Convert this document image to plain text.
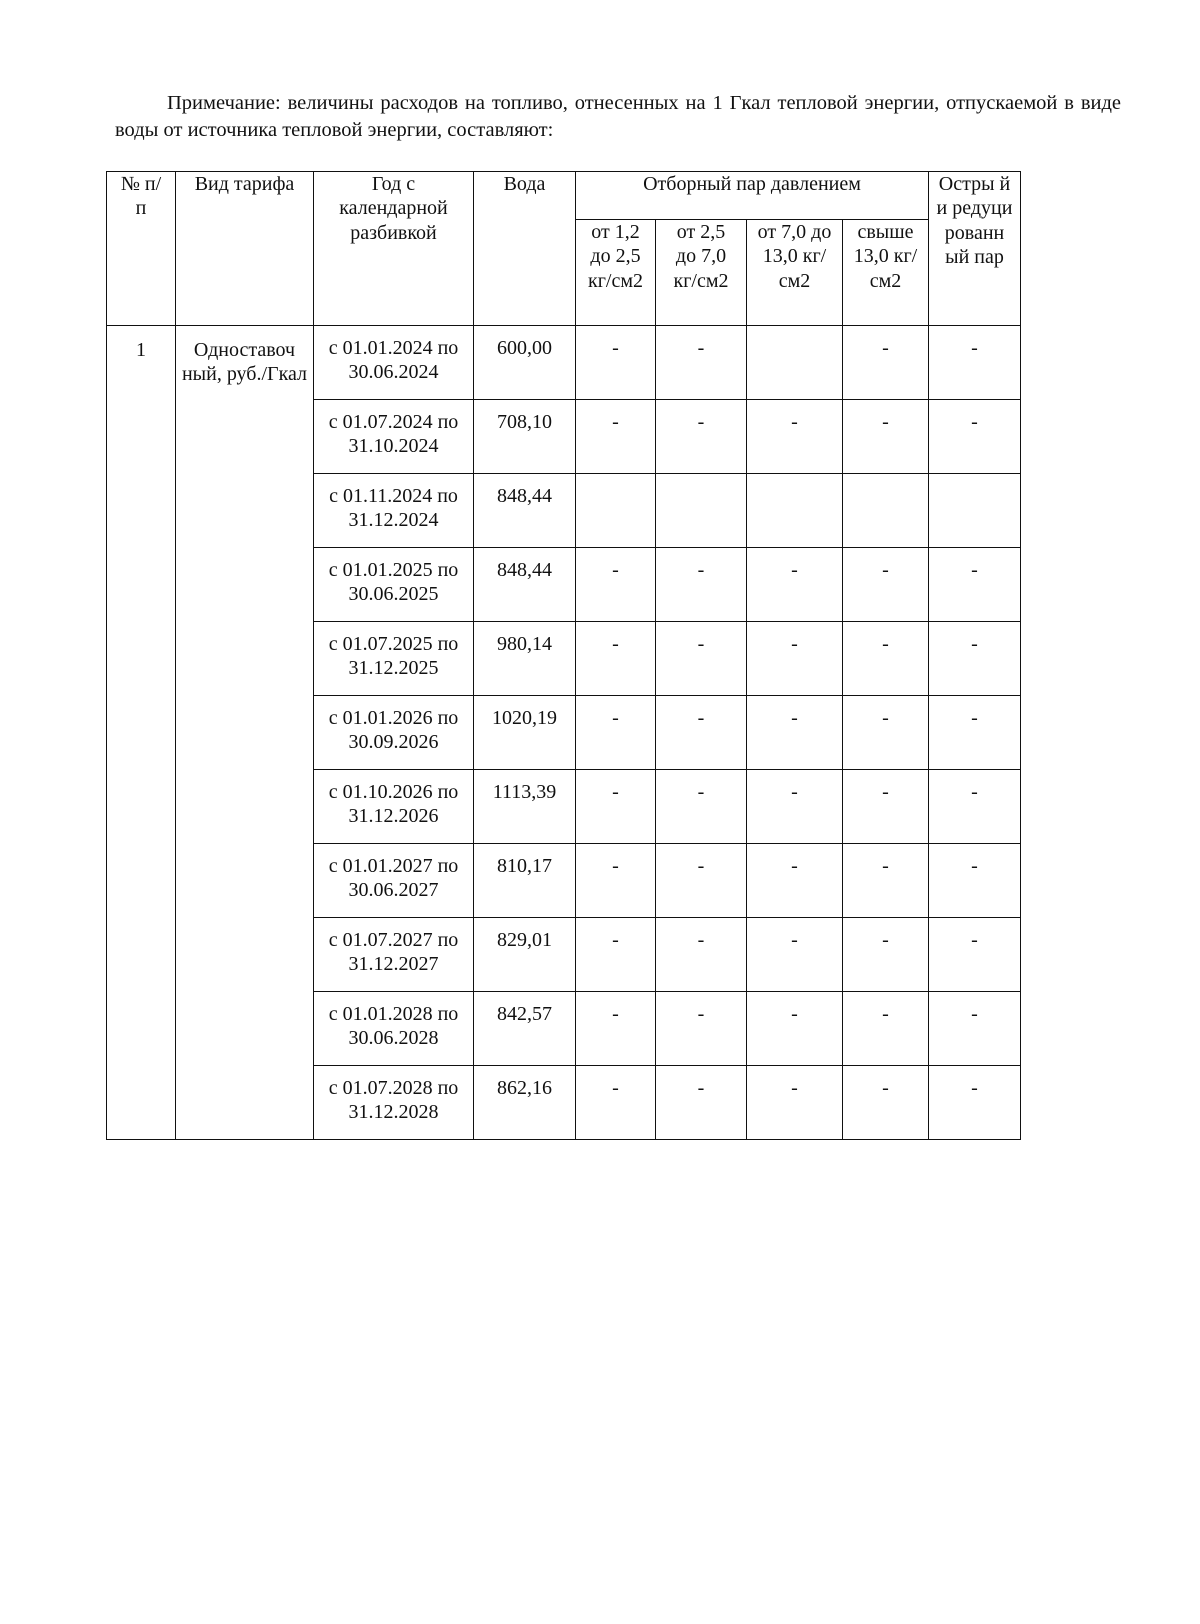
Примечание: величины расходов на топливо, отнесенных на 1 Гкал тепловой энергии, отпускаемой в виде воды от источника тепловой энергии, составляют:

№ п/п	Вид тарифа	Год с календарной разбивкой	Вода	Отборный пар давлением				Остры й и редуци рованн ый пар
				от 1,2 до 2,5 кг/см2	от 2,5 до 7,0 кг/см2	от 7,0 до 13,0 кг/см2	свыше 13,0 кг/см2	
1	Одноставоч ный, руб./Гкал	с 01.01.2024 по 30.06.2024	600,00	-	-		-	-
		с 01.07.2024 по 31.10.2024	708,10	-	-	-	-	-
		с 01.11.2024 по 31.12.2024	848,44					
		с 01.01.2025 по 30.06.2025	848,44	-	-	-	-	-
		с 01.07.2025 по 31.12.2025	980,14	-	-	-	-	-
		с 01.01.2026 по 30.09.2026	1020,19	-	-	-	-	-
		с 01.10.2026 по 31.12.2026	1113,39	-	-	-	-	-
		с 01.01.2027 по 30.06.2027	810,17	-	-	-	-	-
		с 01.07.2027 по 31.12.2027	829,01	-	-	-	-	-
		с 01.01.2028 по 30.06.2028	842,57	-	-	-	-	-
		с 01.07.2028 по 31.12.2028	862,16	-	-	-	-	-
